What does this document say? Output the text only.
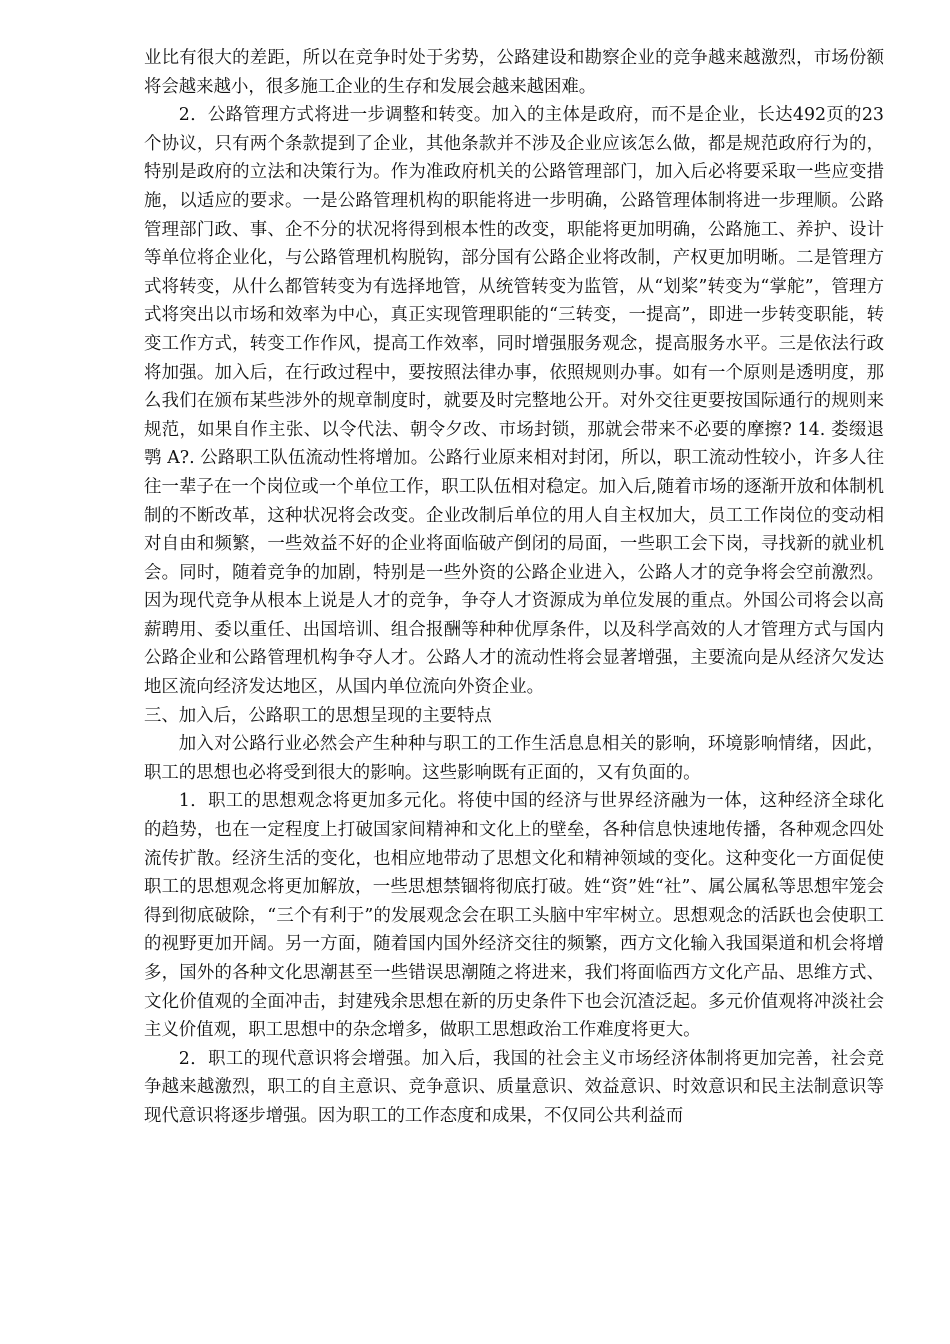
业比有很大的差距，所以在竞争时处于劣势，公路建设和勘察企业的竞争越来越激烈，市场份额将会越来越小，很多施工企业的生存和发展会越来越困难。

2．公路管理方式将进一步调整和转变。加入的主体是政府，而不是企业，长达492页的23个协议，只有两个条款提到了企业，其他条款并不涉及企业应该怎么做，都是规范政府行为的，特别是政府的立法和决策行为。作为准政府机关的公路管理部门，加入后必将要采取一些应变措施，以适应的要求。一是公路管理机构的职能将进一步明确，公路管理体制将进一步理顺。公路管理部门政、事、企不分的状况将得到根本性的改变，职能将更加明确，公路施工、养护、设计等单位将企业化，与公路管理机构脱钩，部分国有公路企业将改制，产权更加明晰。二是管理方式将转变，从什么都管转变为有选择地管，从统管转变为监管，从“划桨”转变为“掌舵”，管理方式将突出以市场和效率为中心，真正实现管理职能的“三转变，一提高”，即进一步转变职能，转变工作方式，转变工作作风，提高工作效率，同时增强服务观念，提高服务水平。三是依法行政将加强。加入后，在行政过程中，要按照法律办事，依照规则办事。如有一个原则是透明度，那么我们在颁布某些涉外的规章制度时，就要及时完整地公开。对外交往更要按国际通行的规则来规范，如果自作主张、以令代法、朝令夕改、市场封锁，那就会带来不必要的摩擦? 14. 娄缀退鹗 A?. 公路职工队伍流动性将增加。公路行业原来相对封闭，所以，职工流动性较小，许多人往往一辈子在一个岗位或一个单位工作，职工队伍相对稳定。加入后,随着市场的逐渐开放和体制机制的不断改革，这种状况将会改变。企业改制后单位的用人自主权加大，员工工作岗位的变动相对自由和频繁，一些效益不好的企业将面临破产倒闭的局面，一些职工会下岗，寻找新的就业机会。同时，随着竞争的加剧，特别是一些外资的公路企业进入，公路人才的竞争将会空前激烈。因为现代竞争从根本上说是人才的竞争，争夺人才资源成为单位发展的重点。外国公司将会以高薪聘用、委以重任、出国培训、组合报酬等种种优厚条件，以及科学高效的人才管理方式与国内公路企业和公路管理机构争夺人才。公路人才的流动性将会显著增强，主要流向是从经济欠发达地区流向经济发达地区，从国内单位流向外资企业。

三、加入后，公路职工的思想呈现的主要特点

加入对公路行业必然会产生种种与职工的工作生活息息相关的影响，环境影响情绪，因此，职工的思想也必将受到很大的影响。这些影响既有正面的，又有负面的。

1．职工的思想观念将更加多元化。将使中国的经济与世界经济融为一体，这种经济全球化的趋势，也在一定程度上打破国家间精神和文化上的壁垒，各种信息快速地传播，各种观念四处流传扩散。经济生活的变化，也相应地带动了思想文化和精神领域的变化。这种变化一方面促使职工的思想观念将更加解放，一些思想禁锢将彻底打破。姓“资”姓“社”、属公属私等思想牢笼会得到彻底破除，“三个有利于”的发展观念会在职工头脑中牢牢树立。思想观念的活跃也会使职工的视野更加开阔。另一方面，随着国内国外经济交往的频繁，西方文化输入我国渠道和机会将增多，国外的各种文化思潮甚至一些错误思潮随之将进来，我们将面临西方文化产品、思维方式、文化价值观的全面冲击，封建残余思想在新的历史条件下也会沉渣泛起。多元价值观将冲淡社会主义价值观，职工思想中的杂念增多，做职工思想政治工作难度将更大。

2．职工的现代意识将会增强。加入后，我国的社会主义市场经济体制将更加完善，社会竞争越来越激烈，职工的自主意识、竞争意识、质量意识、效益意识、时效意识和民主法制意识等现代意识将逐步增强。因为职工的工作态度和成果，不仅同公共利益而
